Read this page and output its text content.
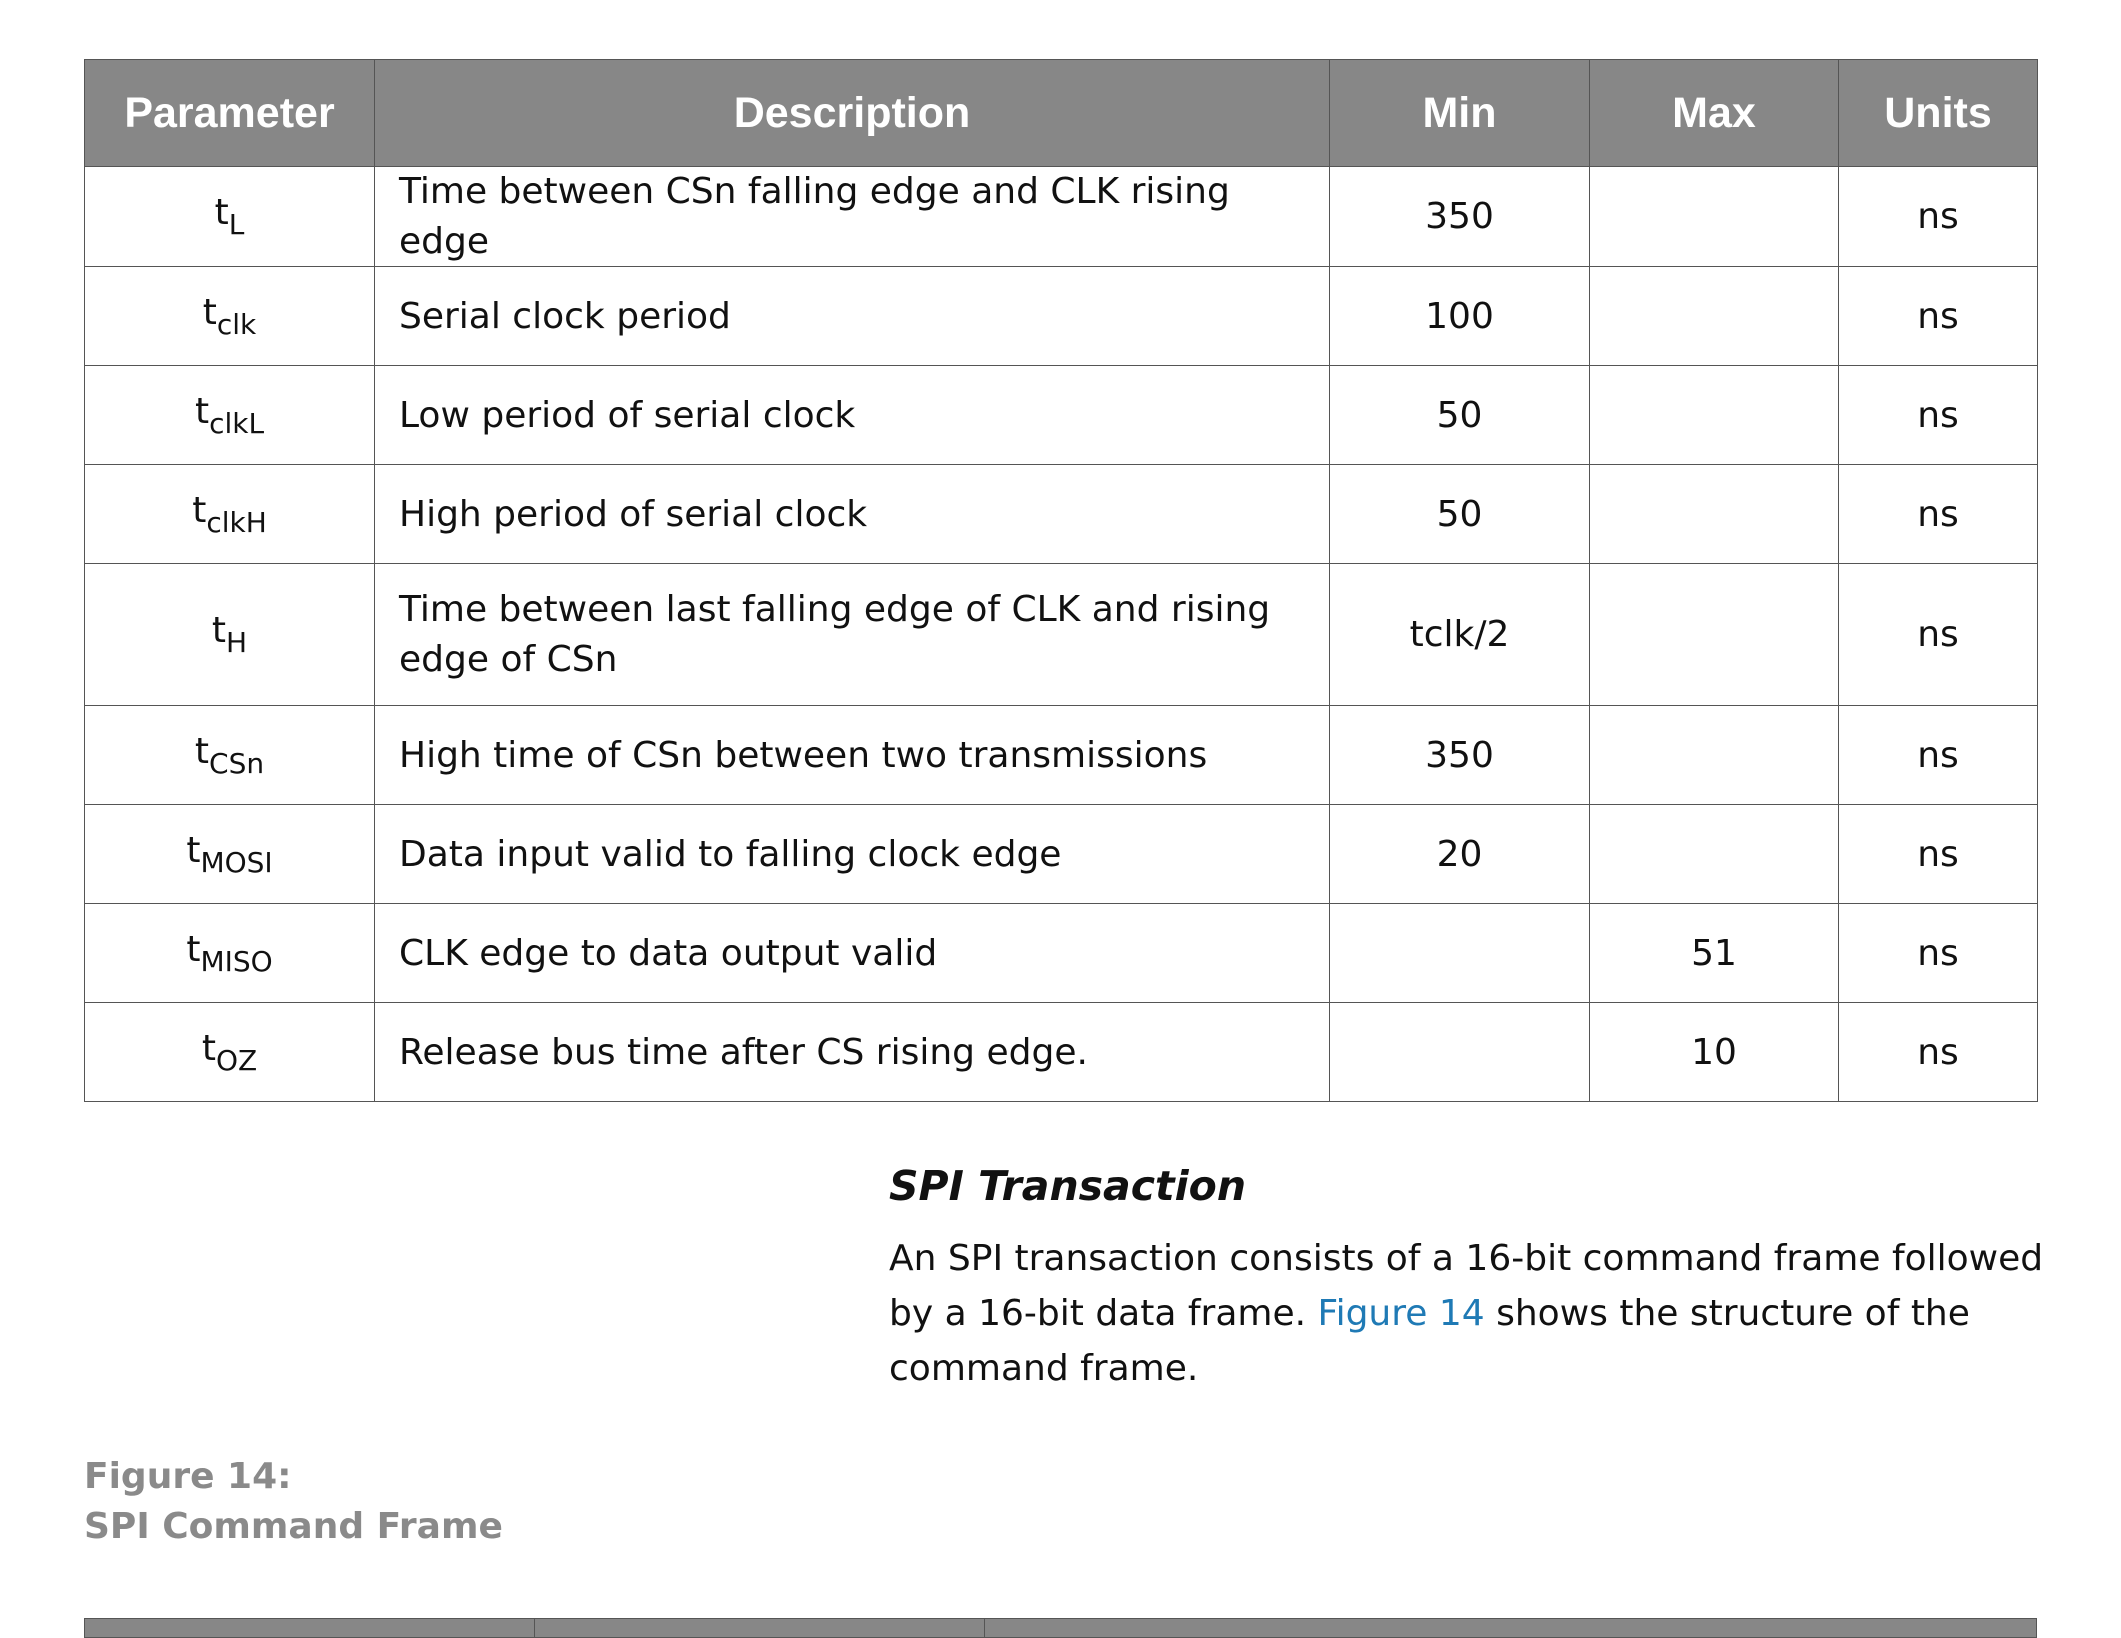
Parameter	Description	Min	Max	Units
$t_L$	Time between CSn falling edge and CLK rising edge	350		ns
$t_{clk}$	Serial clock period	100		ns
$t_{clkL}$	Low period of serial clock	50		ns
$t_{clkH}$	High period of serial clock	50		ns
$t_H$	Time between last falling edge of CLK and rising edge of CSn	tclk/2		ns
$t_{CSn}$	High time of CSn between two transmissions	350		ns
$t_{MOSI}$	Data input valid to falling clock edge	20		ns
$t_{MISO}$	CLK edge to data output valid		51	ns
$t_{OZ}$	Release bus time after CS rising edge.		10	ns
SPI Transaction

An SPI transaction consists of a 16-bit command frame followed by a 16-bit data frame. Figure 14 shows the structure of the command frame.

Figure 14:
SPI Command Frame
